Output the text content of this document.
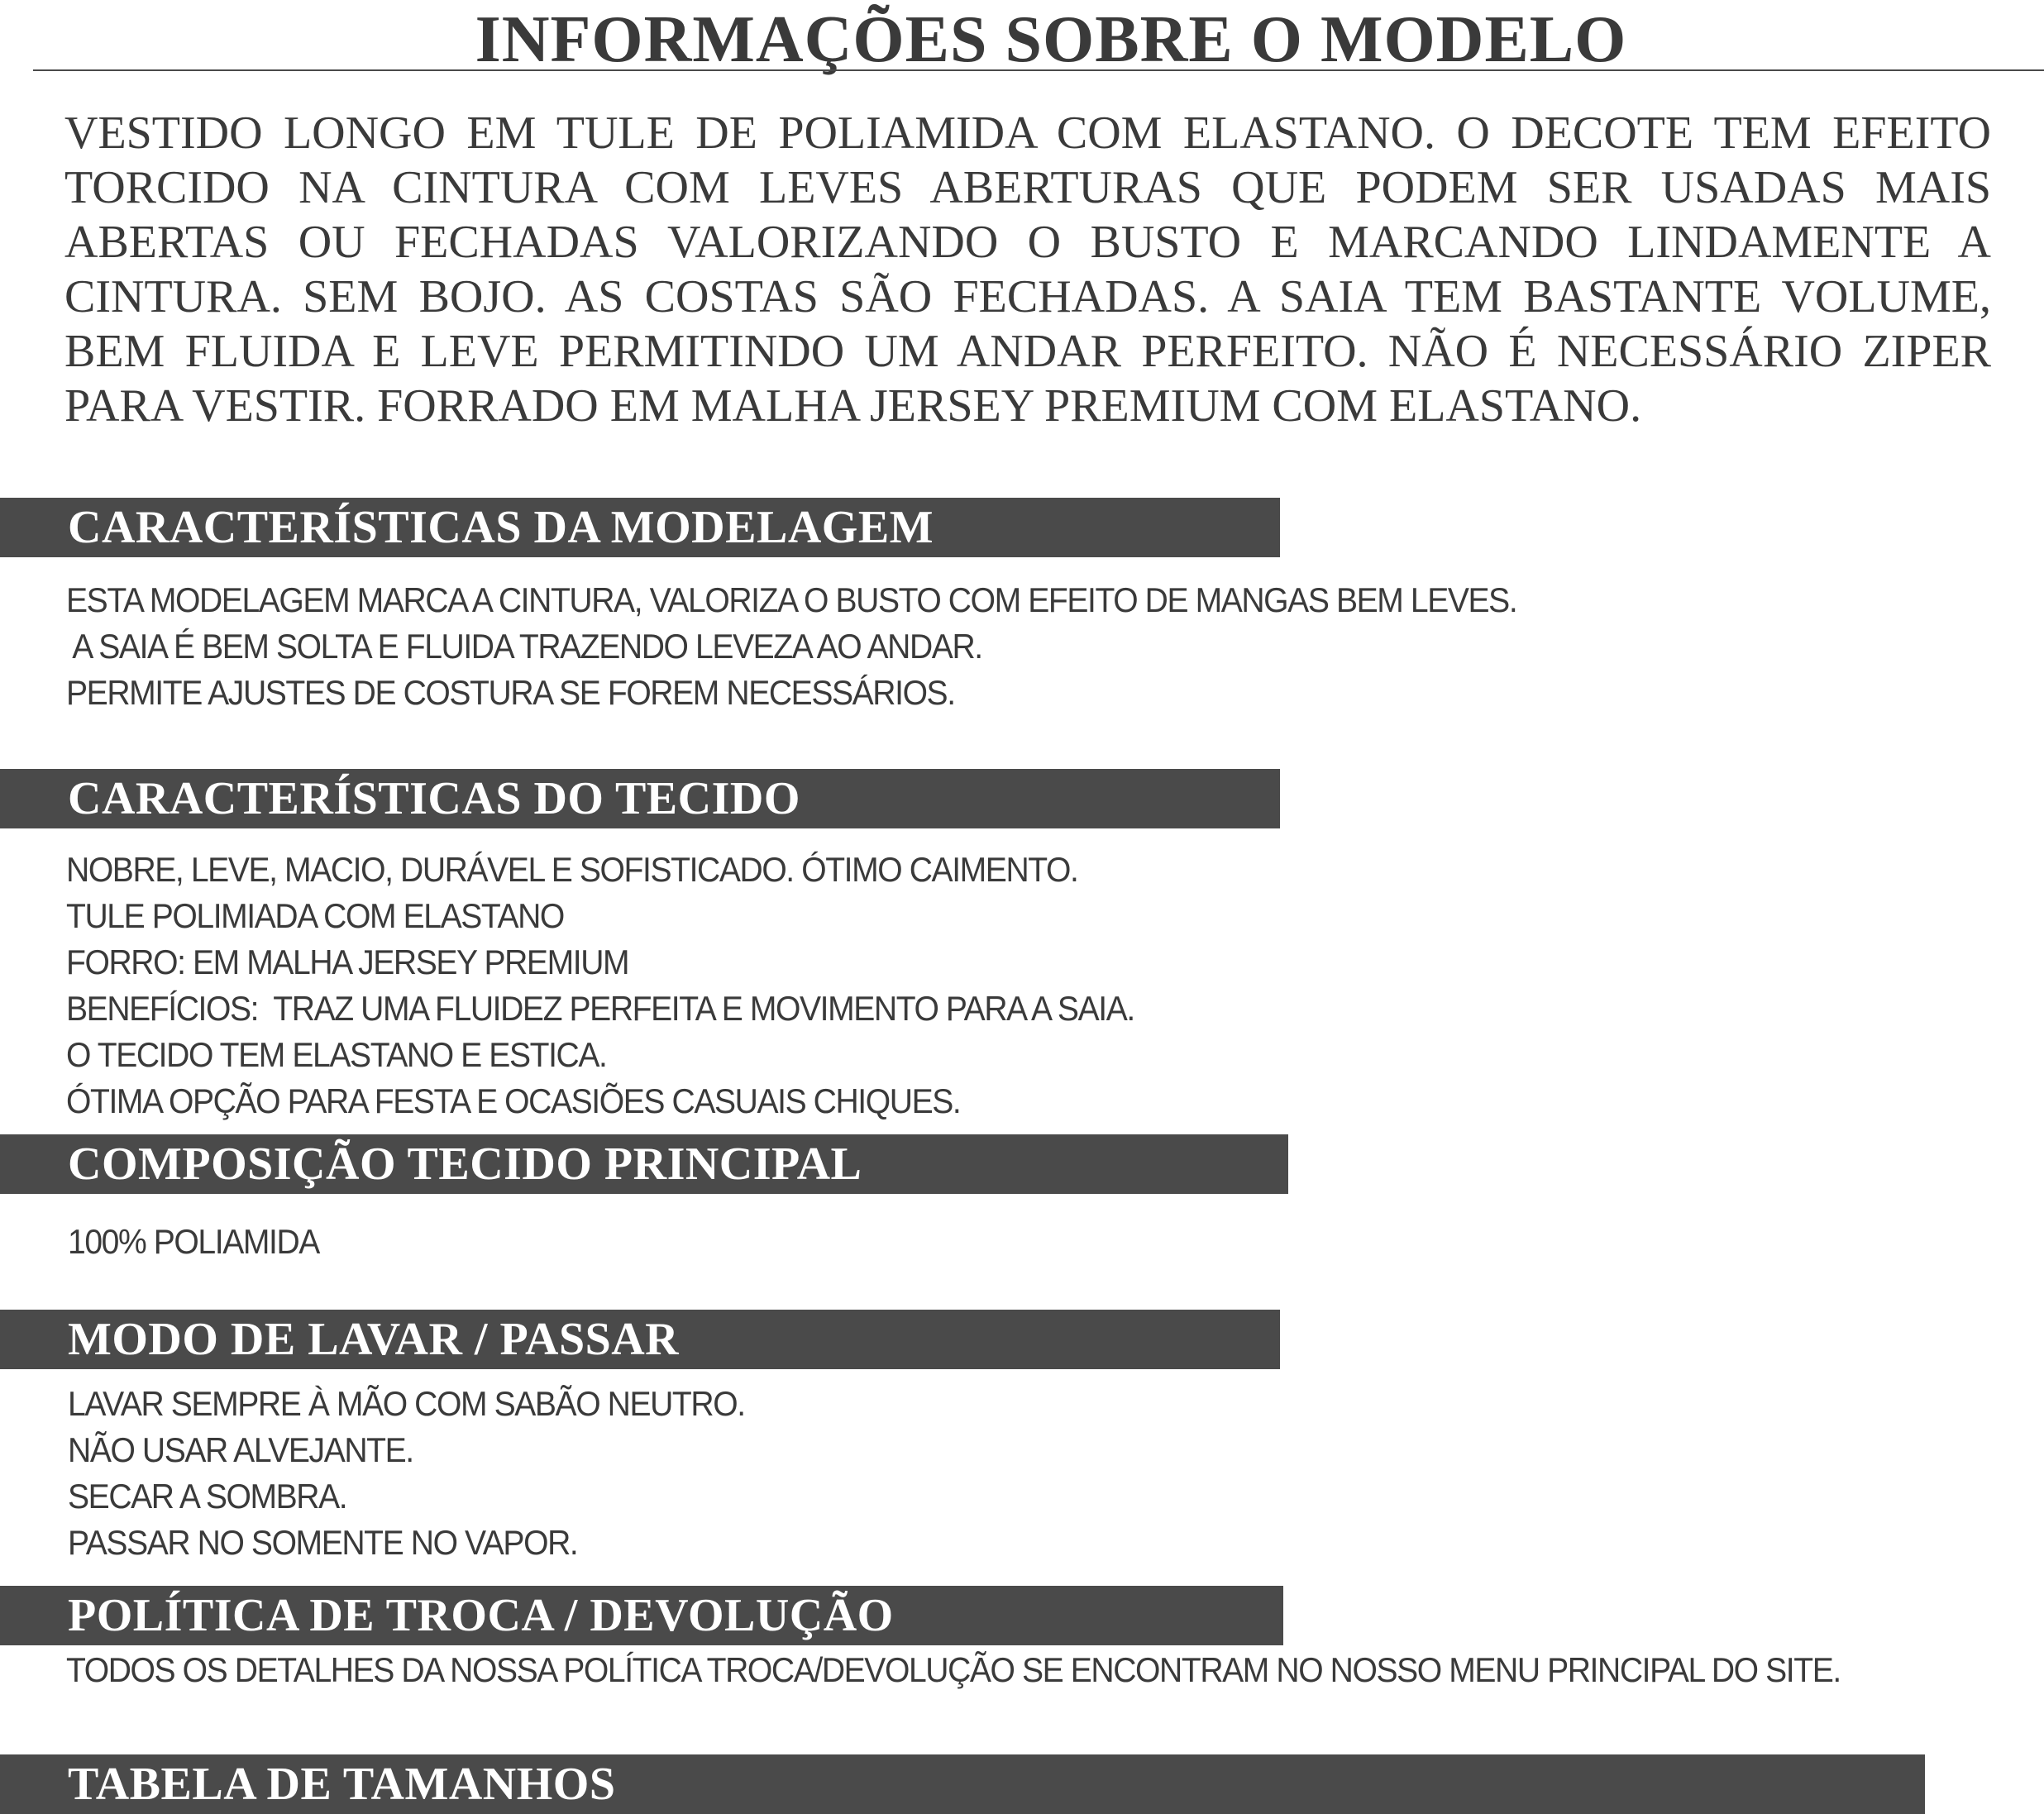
INFORMAÇÕES SOBRE O MODELO

VESTIDO LONGO EM TULE DE POLIAMIDA COM ELASTANO. O DECOTE TEM EFEITO TORCIDO NA CINTURA COM LEVES ABERTURAS QUE PODEM SER USADAS MAIS ABERTAS OU FECHADAS VALORIZANDO O BUSTO E MARCANDO LINDAMENTE A CINTURA. SEM BOJO. AS COSTAS SÃO FECHADAS. A SAIA TEM BASTANTE VOLUME, BEM FLUIDA E LEVE PERMITINDO UM ANDAR PERFEITO. NÃO É NECESSÁRIO ZIPER PARA VESTIR. FORRADO EM MALHA JERSEY PREMIUM COM ELASTANO.

CARACTERÍSTICAS DA MODELAGEM
ESTA MODELAGEM MARCA A CINTURA, VALORIZA O BUSTO COM EFEITO DE MANGAS BEM LEVES.
A SAIA É BEM SOLTA E FLUIDA TRAZENDO LEVEZA AO ANDAR.
PERMITE AJUSTES DE COSTURA SE FOREM NECESSÁRIOS.
CARACTERÍSTICAS DO TECIDO
NOBRE, LEVE, MACIO, DURÁVEL E SOFISTICADO. ÓTIMO CAIMENTO.
TULE POLIMIADA COM ELASTANO
FORRO: EM MALHA JERSEY PREMIUM
BENEFÍCIOS:  TRAZ UMA FLUIDEZ PERFEITA E MOVIMENTO PARA A SAIA.
O TECIDO TEM ELASTANO E ESTICA.
ÓTIMA OPÇÃO PARA FESTA E OCASIÕES CASUAIS CHIQUES.
COMPOSIÇÃO TECIDO PRINCIPAL
100% POLIAMIDA
MODO DE LAVAR / PASSAR
LAVAR SEMPRE À MÃO COM SABÃO NEUTRO.
NÃO USAR ALVEJANTE.
SECAR A SOMBRA.
PASSAR NO SOMENTE NO VAPOR.
POLÍTICA DE TROCA / DEVOLUÇÃO
TODOS OS DETALHES DA NOSSA POLÍTICA TROCA/DEVOLUÇÃO SE ENCONTRAM NO NOSSO MENU PRINCIPAL DO SITE.
TABELA DE TAMANHOS
